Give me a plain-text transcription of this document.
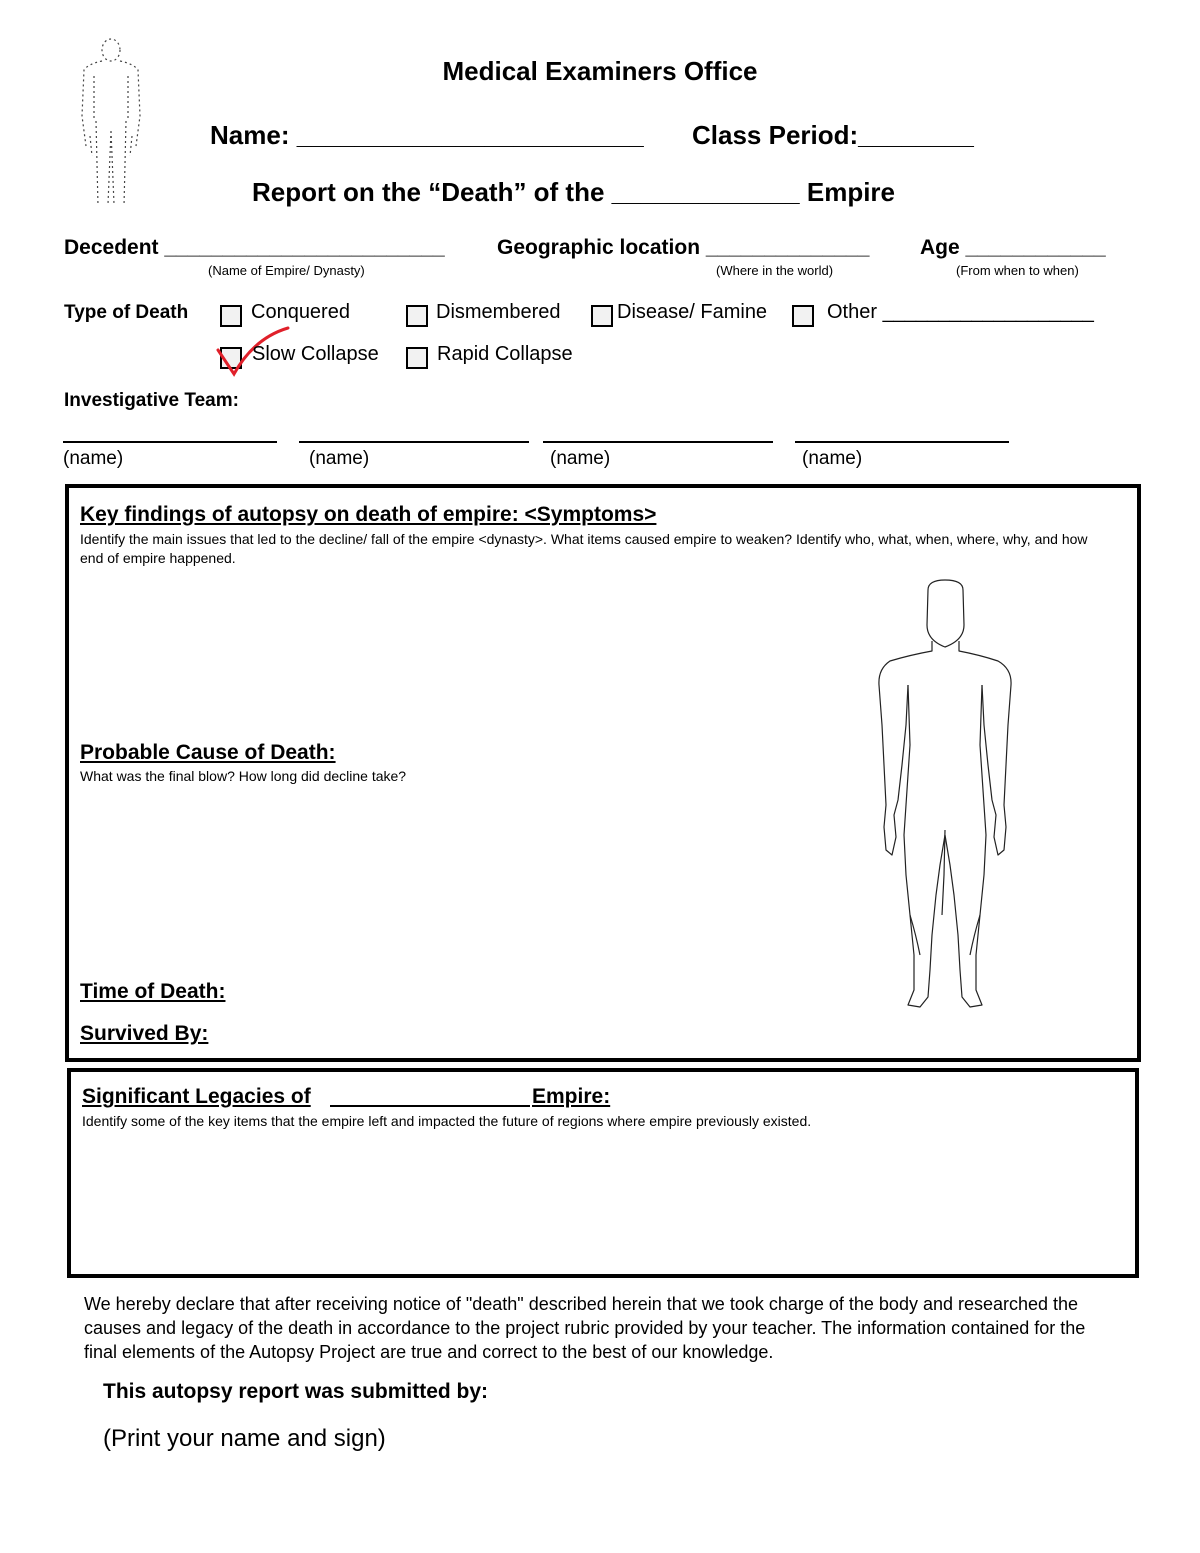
Medical Examiners Office
Name: ________________________ Class Period:________
Report on the “Death” of the _____________ Empire
Decedent ________________________
(Name of Empire/ Dynasty)
Geographic location ______________
(Where in the world)
Age ____________
(From when to when)
Type of Death	Conquered	Dismembered	Disease/ Famine	Other ___________________
Slow Collapse	Rapid Collapse
Investigative Team:
(name)	(name)	(name)	(name)
Key findings of autopsy on death of empire: <Symptoms>
Identify the main issues that led to the decline/ fall of the empire <dynasty>. What items caused empire to weaken? Identify who, what, when, where, why, and how end of empire happened.
Probable Cause of Death:
What was the final blow? How long did decline take?
Time of Death:
Survived By:
Significant Legacies of	Empire:
Identify some of the key items that the empire left and impacted the future of regions where empire previously existed.
We hereby declare that after receiving notice of "death" described herein that we took charge of the body and researched the causes and legacy of the death in accordance to the project rubric provided by your teacher. The information contained for the final elements of the Autopsy Project are true and correct to the best of our knowledge.
This autopsy report was submitted by:
(Print your name and sign)
